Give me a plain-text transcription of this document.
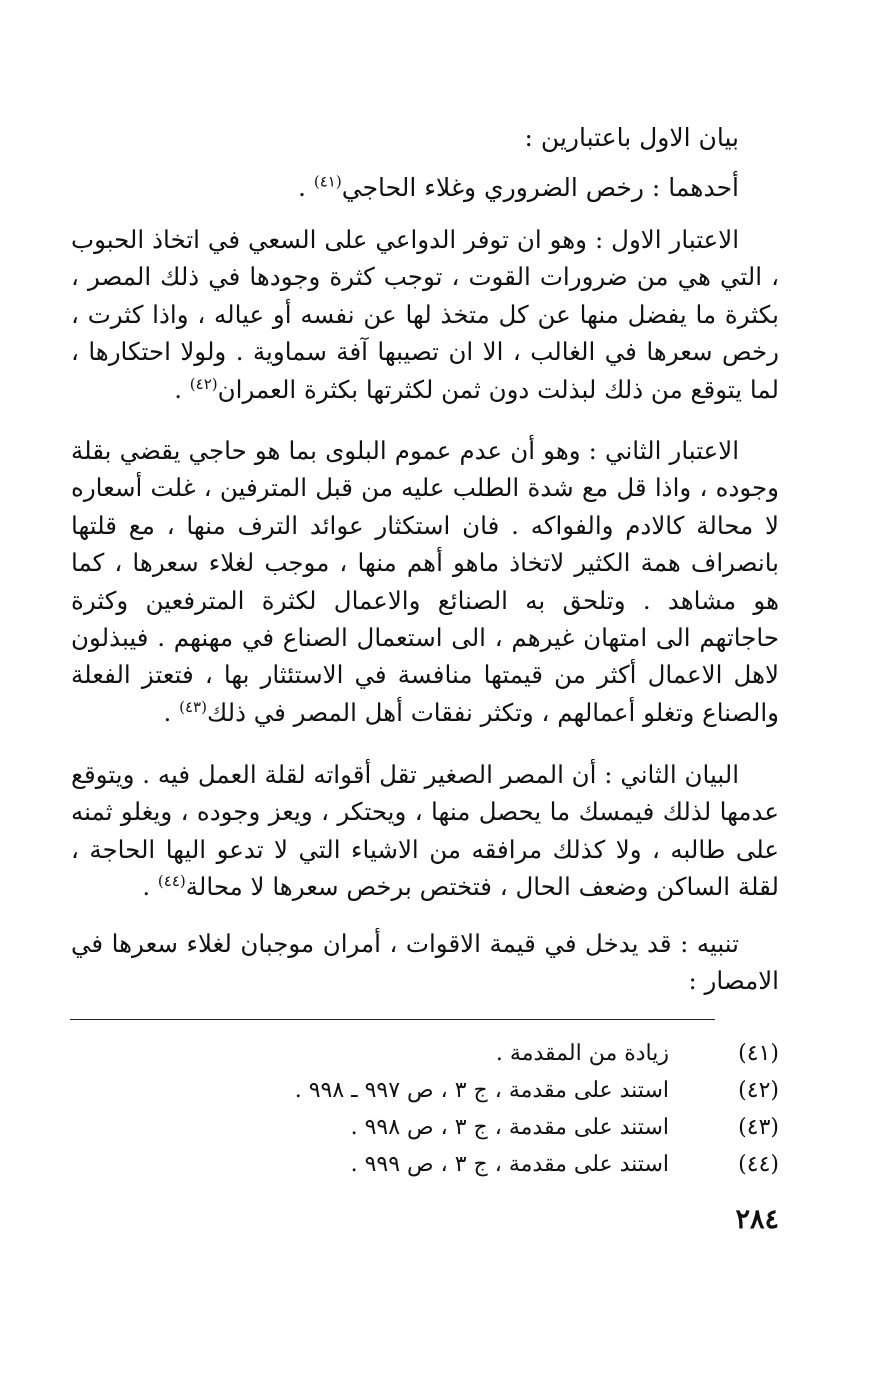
بيان الاول باعتبارين :
أحدهما : رخص الضروري وغلاء الحاجي$^{(٤١)}$ .
الاعتبار الاول : وهو ان توفر الدواعي على السعي في اتخاذ الحبوب ، التي هي من ضرورات القوت ، توجب كثرة وجودها في ذلك المصر ، بكثرة ما يفضل منها عن كل متخذ لها عن نفسه أو عياله ، واذا كثرت ، رخص سعرها في الغالب ، الا ان تصيبها آفة سماوية . ولولا احتكارها ، لما يتوقع من ذلك لبذلت دون ثمن لكثرتها بكثرة العمران$^{(٤٢)}$ .
الاعتبار الثاني : وهو أن عدم عموم البلوى بما هو حاجي يقضي بقلة وجوده ، واذا قل مع شدة الطلب عليه من قبل المترفين ، غلت أسعاره لا محالة كالادم والفواكه . فان استكثار عوائد الترف منها ، مع قلتها بانصراف همة الكثير لاتخاذ ماهو أهم منها ، موجب لغلاء سعرها ، كما هو مشاهد . وتلحق به الصنائع والاعمال لكثرة المترفعين وكثرة حاجاتهم الى امتهان غيرهم ، الى استعمال الصناع في مهنهم . فيبذلون لاهل الاعمال أكثر من قيمتها منافسة في الاستئثار بها ، فتعتز الفعلة والصناع وتغلو أعمالهم ، وتكثر نفقات أهل المصر في ذلك$^{(٤٣)}$ .
البيان الثاني : أن المصر الصغير تقل أقواته لقلة العمل فيه . ويتوقع عدمها لذلك فيمسك ما يحصل منها ، ويحتكر ، ويعز وجوده ، ويغلو ثمنه على طالبه ، ولا كذلك مرافقه من الاشياء التي لا تدعو اليها الحاجة ، لقلة الساكن وضعف الحال ، فتختص برخص سعرها لا محالة$^{(٤٤)}$ .
تنبيه : قد يدخل في قيمة الاقوات ، أمران موجبان لغلاء سعرها في الامصار :
(٤١)
زيادة من المقدمة .
(٤٢)
استند على مقدمة ، ج ٣ ، ص ٩٩٧ ـ ٩٩٨ .
(٤٣)
استند على مقدمة ، ج ٣ ، ص ٩٩٨ .
(٤٤)
استند على مقدمة ، ج ٣ ، ص ٩٩٩ .
٢٨٤
